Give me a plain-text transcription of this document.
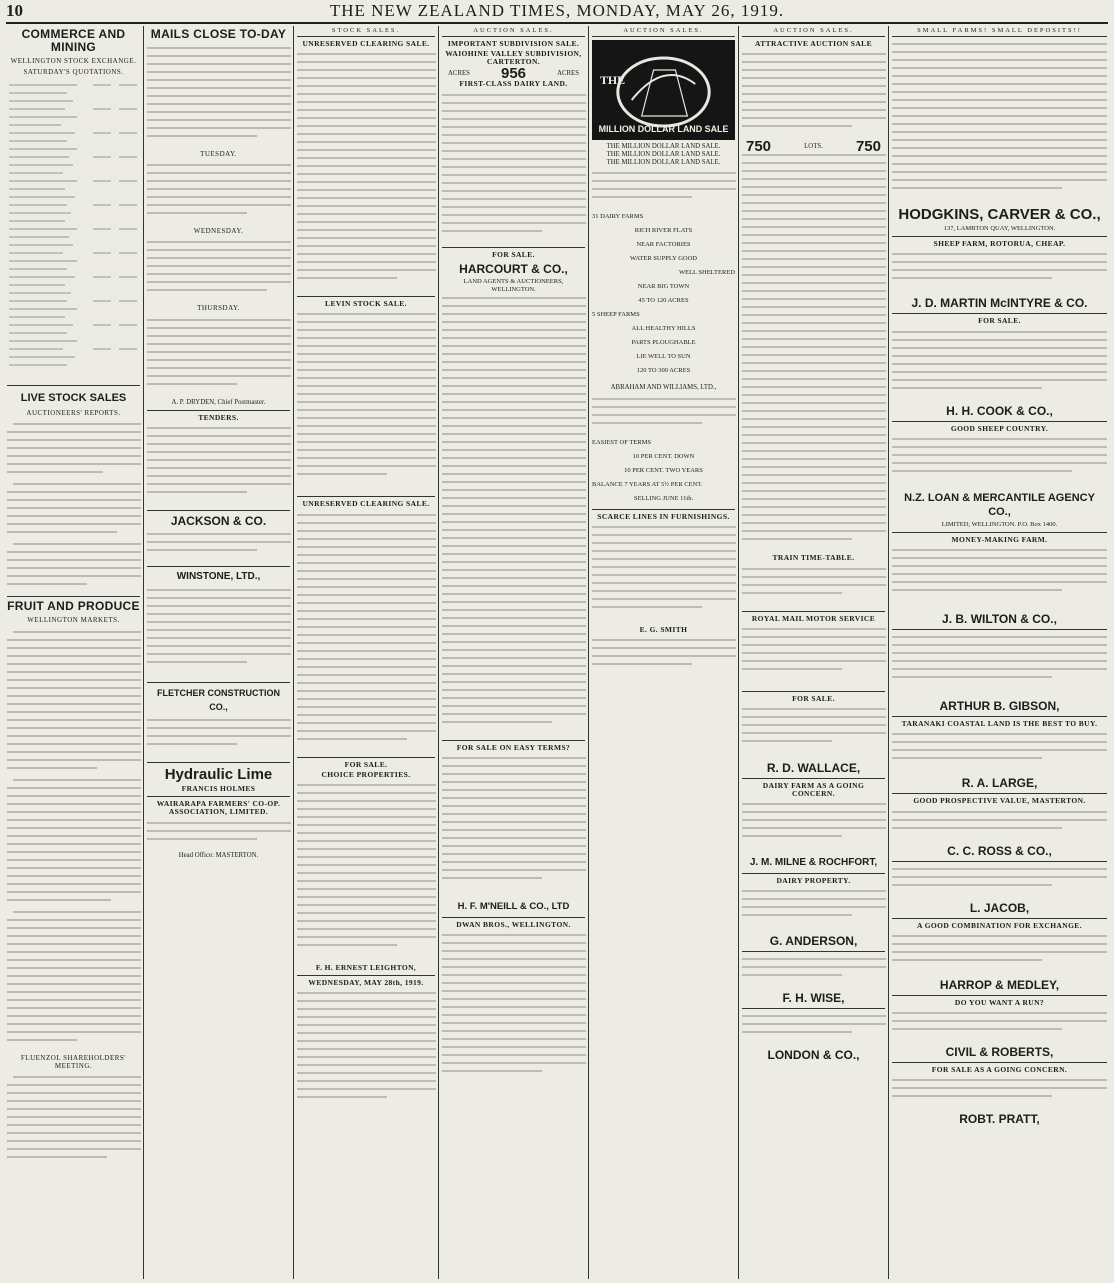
10	THE NEW ZEALAND TIMES, MONDAY, MAY 26, 1919.
COMMERCE AND MINING
WELLINGTON STOCK EXCHANGE.
SATURDAY'S QUOTATIONS.
LIVE STOCK SALES
AUCTIONEERS' REPORTS.
FRUIT AND PRODUCE
WELLINGTON MARKETS.
FLUENZOL SHAREHOLDERS' MEETING.
MAILS CLOSE TO-DAY
TUESDAY.
WEDNESDAY.
THURSDAY.
A. P. DRYDEN, Chief Postmaster.
TENDERS.
JACKSON & CO.
WINSTONE, LTD.,
FLETCHER CONSTRUCTION CO.,
Hydraulic Lime
FRANCIS HOLMES
WAIRARAPA FARMERS' CO-OP. ASSOCIATION, LIMITED.
Head Office: MASTERTON.
STOCK SALES.
UNRESERVED CLEARING SALE.
LEVIN STOCK SALE.
UNRESERVED CLEARING SALE.
FOR SALE.
CHOICE PROPERTIES.
F. H. ERNEST LEIGHTON,
WEDNESDAY, MAY 28th, 1919.
AUCTION SALES.
IMPORTANT SUBDIVISION SALE.
WAIOHINE VALLEY SUBDIVISION, CARTERTON.
ACRES 956	ACRES
FIRST-CLASS DAIRY LAND.
FOR SALE.
HARCOURT & CO.,
LAND AGENTS & AUCTIONEERS, WELLINGTON.
FOR SALE ON EASY TERMS?
H. F. M'NEILL & CO., LTD
DWAN BROS., WELLINGTON.
AUCTION SALES.
THE
MILLION DOLLAR LAND SALE
THE MILLION DOLLAR LAND SALE.
THE MILLION DOLLAR LAND SALE.
THE MILLION DOLLAR LAND SALE.
31 DAIRY FARMS
RICH RIVER FLATS
NEAR FACTORIES
WATER SUPPLY GOOD
WELL SHELTERED
NEAR BIG TOWN
45 TO 120 ACRES
5 SHEEP FARMS
ALL HEALTHY HILLS
PARTS PLOUGHABLE
LIE WELL TO SUN
120 TO 300 ACRES
ABRAHAM AND WILLIAMS, LTD.,
EASIEST OF TERMS
10 PER CENT. DOWN
10 PER CENT. TWO YEARS
BALANCE 7 YEARS AT 5½ PER CENT.
SELLING JUNE 11th.
SCARCE LINES IN FURNISHINGS.
E. G. SMITH
AUCTION SALES.
ATTRACTIVE AUCTION SALE
750	LOTS. 750
TRAIN TIME-TABLE.
ROYAL MAIL MOTOR SERVICE
FOR SALE.
R. D. WALLACE,
DAIRY FARM AS A GOING CONCERN.
J. M. MILNE & ROCHFORT,
DAIRY PROPERTY.
G. ANDERSON,
F. H. WISE,
LONDON & CO.,
SMALL FARMS! SMALL DEPOSITS!!
HODGKINS, CARVER & CO.,
137, LAMBTON QUAY, WELLINGTON.
SHEEP FARM, ROTORUA, CHEAP.
J. D. MARTIN McINTYRE & CO.
FOR SALE.
H. H. COOK & CO.,
GOOD SHEEP COUNTRY.
N.Z. LOAN & MERCANTILE AGENCY CO.,
LIMITED, WELLINGTON. P.O. Box 1400.
MONEY-MAKING FARM.
J. B. WILTON & CO.,
ARTHUR B. GIBSON,
TARANAKI COASTAL LAND IS THE BEST TO BUY.
R. A. LARGE,
GOOD PROSPECTIVE VALUE, MASTERTON.
C. C. ROSS & CO.,
L. JACOB,
A GOOD COMBINATION FOR EXCHANGE.
HARROP & MEDLEY,
DO YOU WANT A RUN?
CIVIL & ROBERTS,
FOR SALE AS A GOING CONCERN.
ROBT. PRATT,
